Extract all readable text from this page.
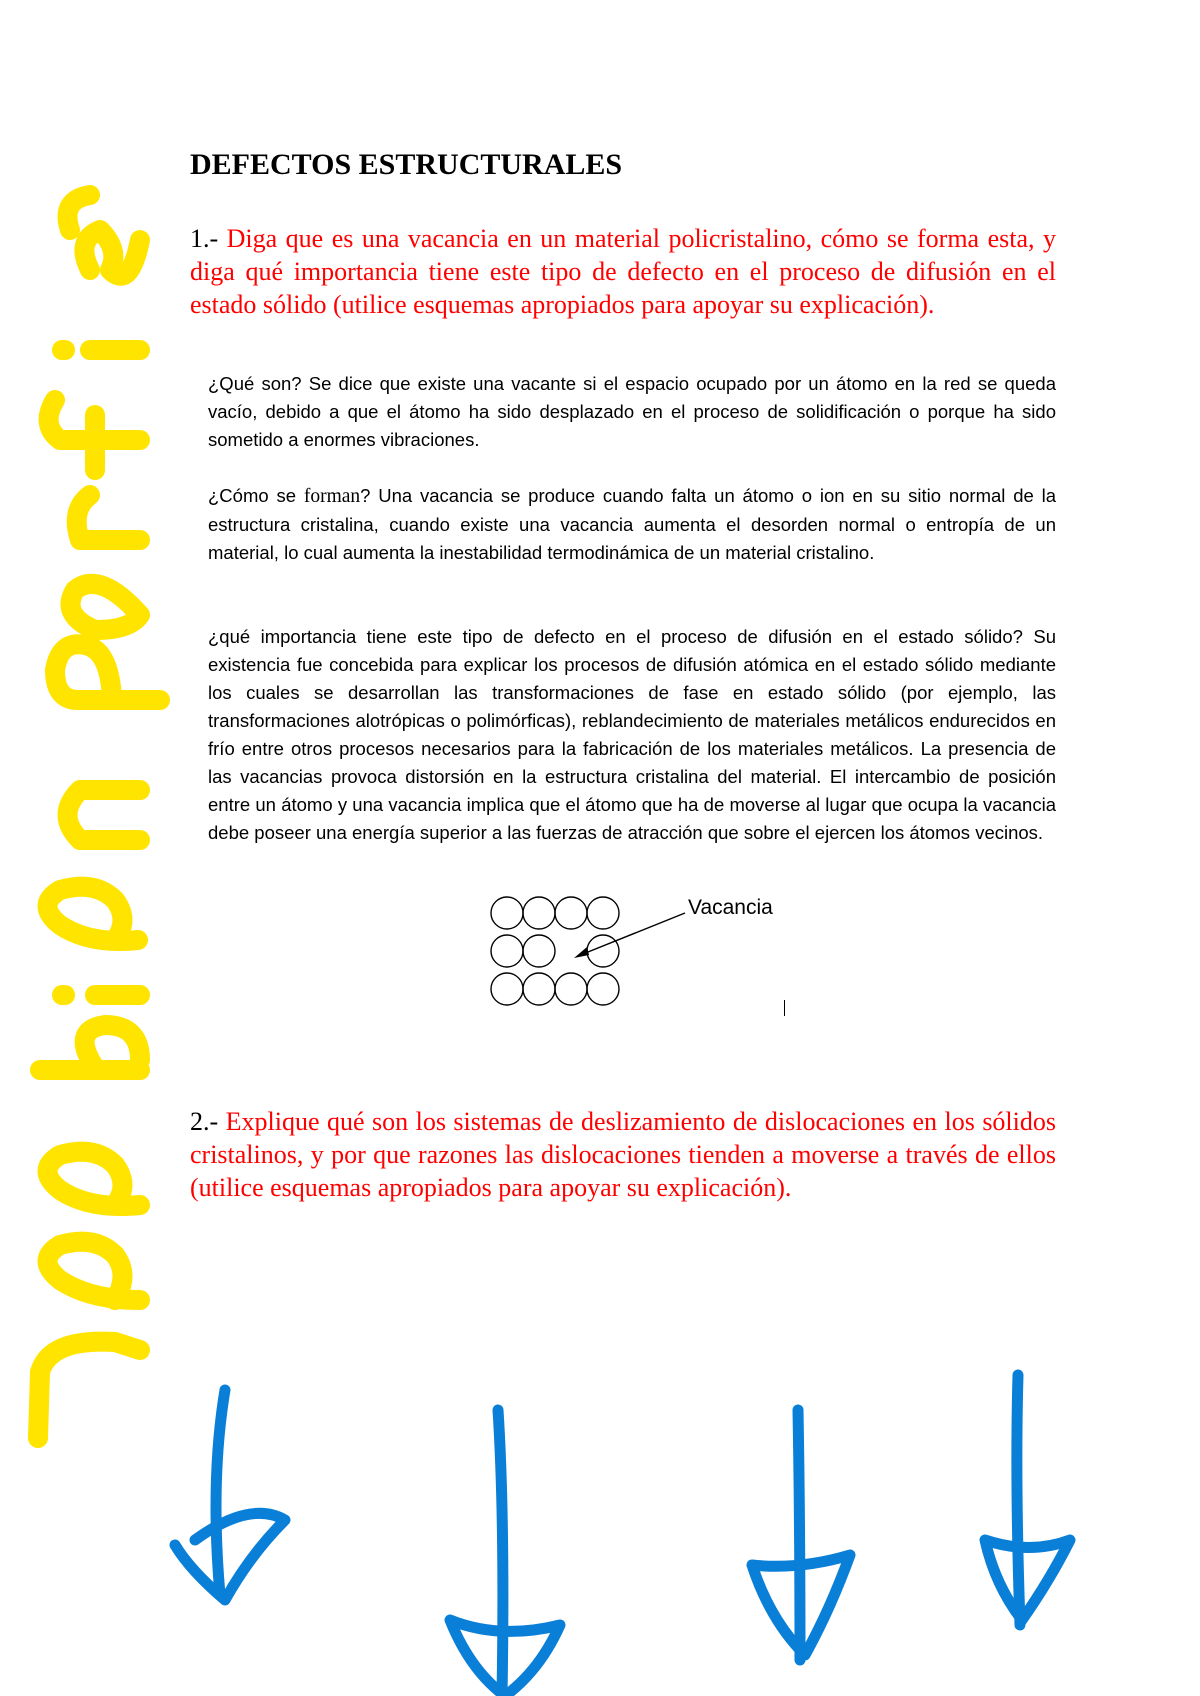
DEFECTOS ESTRUCTURALES
1.- Diga que es una vacancia en un material policristalino, cómo se forma esta, y diga qué importancia tiene este tipo de defecto en el proceso de difusión en el estado sólido (utilice esquemas apropiados para apoyar su explicación).
¿Qué son? Se dice que existe una vacante si el espacio ocupado por un átomo en la red se queda vacío, debido a que el átomo ha sido desplazado en el proceso de solidificación o porque ha sido sometido a enormes vibraciones.
¿Cómo se forman? Una vacancia se produce cuando falta un átomo o ion en su sitio normal de la estructura cristalina, cuando existe una vacancia aumenta el desorden normal o entropía de un material, lo cual aumenta la inestabilidad termodinámica de un material cristalino.
¿qué importancia tiene este tipo de defecto en el proceso de difusión en el estado sólido? Su existencia fue concebida para explicar los procesos de difusión atómica en el estado sólido mediante los cuales se desarrollan las transformaciones de fase en estado sólido (por ejemplo, las transformaciones alotrópicas o polimórficas), reblandecimiento de materiales metálicos endurecidos en frío entre otros procesos necesarios para la fabricación de los materiales metálicos. La presencia de las vacancias provoca distorsión en la estructura cristalina del material. El intercambio de posición entre un átomo y una vacancia implica que el átomo que ha de moverse al lugar que ocupa la vacancia debe poseer una energía superior a las fuerzas de atracción que sobre el ejercen los átomos vecinos.
Vacancia
2.- Explique qué son los sistemas de deslizamiento de dislocaciones en los sólidos cristalinos, y por que razones las dislocaciones tienden a moverse a través de ellos (utilice esquemas apropiados para apoyar su explicación).
